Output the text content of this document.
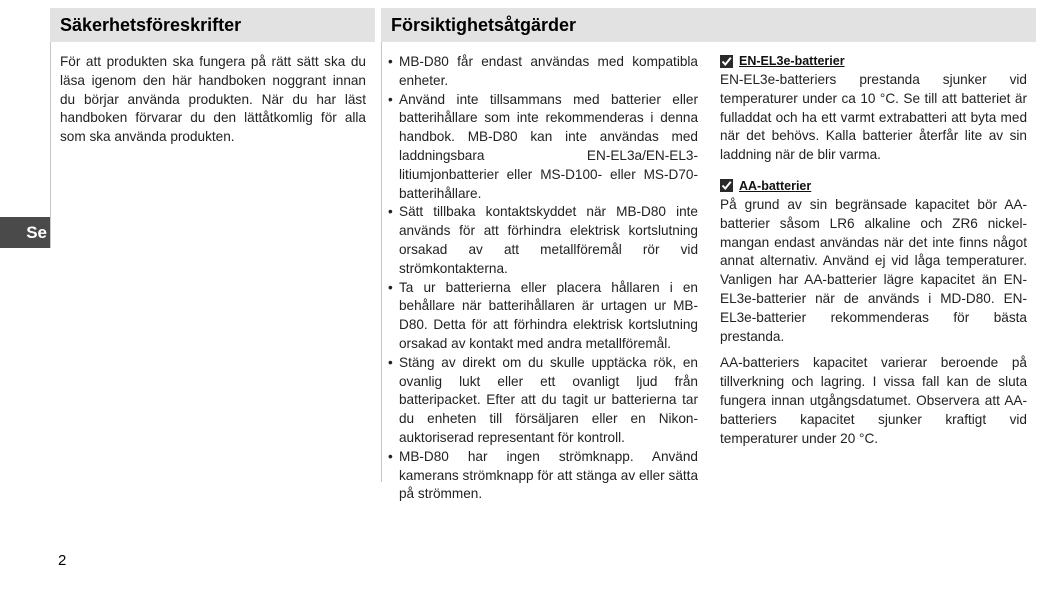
Säkerhetsföreskrifter	Försiktighetsåtgärder
Se

För att produkten ska fungera på rätt sätt ska du läsa igenom den här handboken noggrant innan du börjar använda produkten. När du har läst handboken förvarar du den lättåtkomlig för alla som ska använda produkten.

• MB-D80 får endast användas med kompatibla enheter.
• Använd inte tillsammans med batterier eller batterihållare som inte rekommenderas i denna handbok. MB-D80 kan inte användas med laddningsbara EN-EL3a/EN-EL3-litiumjonbatterier eller MS-D100- eller MS-D70-batterihållare.
• Sätt tillbaka kontaktskyddet när MB-D80 inte används för att förhindra elektrisk kortslutning orsakad av att metallföremål rör vid strömkontakterna.
• Ta ur batterierna eller placera hållaren i en behållare när batterihållaren är urtagen ur MB-D80. Detta för att förhindra elektrisk kortslutning orsakad av kontakt med andra metallföremål.
• Stäng av direkt om du skulle upptäcka rök, en ovanlig lukt eller ett ovanligt ljud från batteripacket. Efter att du tagit ur batterierna tar du enheten till försäljaren eller en Nikon-auktoriserad representant för kontroll.
• MB-D80 har ingen strömknapp. Använd kamerans strömknapp för att stänga av eller sätta på strömmen.
EN-EL3e-batterier

EN-EL3e-batteriers prestanda sjunker vid temperaturer under ca 10 °C. Se till att batteriet är fulladdat och ha ett varmt extrabatteri att byta med när det behövs. Kalla batterier återfår lite av sin laddning när de blir varma.

AA-batterier

På grund av sin begränsade kapacitet bör AA-batterier såsom LR6 alkaline och ZR6 nickel-mangan endast användas när det inte finns något annat alternativ. Använd ej vid låga temperaturer. Vanligen har AA-batterier lägre kapacitet än EN-EL3e-batterier när de används i MD-D80. EN-EL3e-batterier rekommenderas för bästa prestanda.

AA-batteriers kapacitet varierar beroende på tillverkning och lagring. I vissa fall kan de sluta fungera innan utgångsdatumet. Observera att AA-batteriers kapacitet sjunker kraftigt vid temperaturer under 20 °C.

2
